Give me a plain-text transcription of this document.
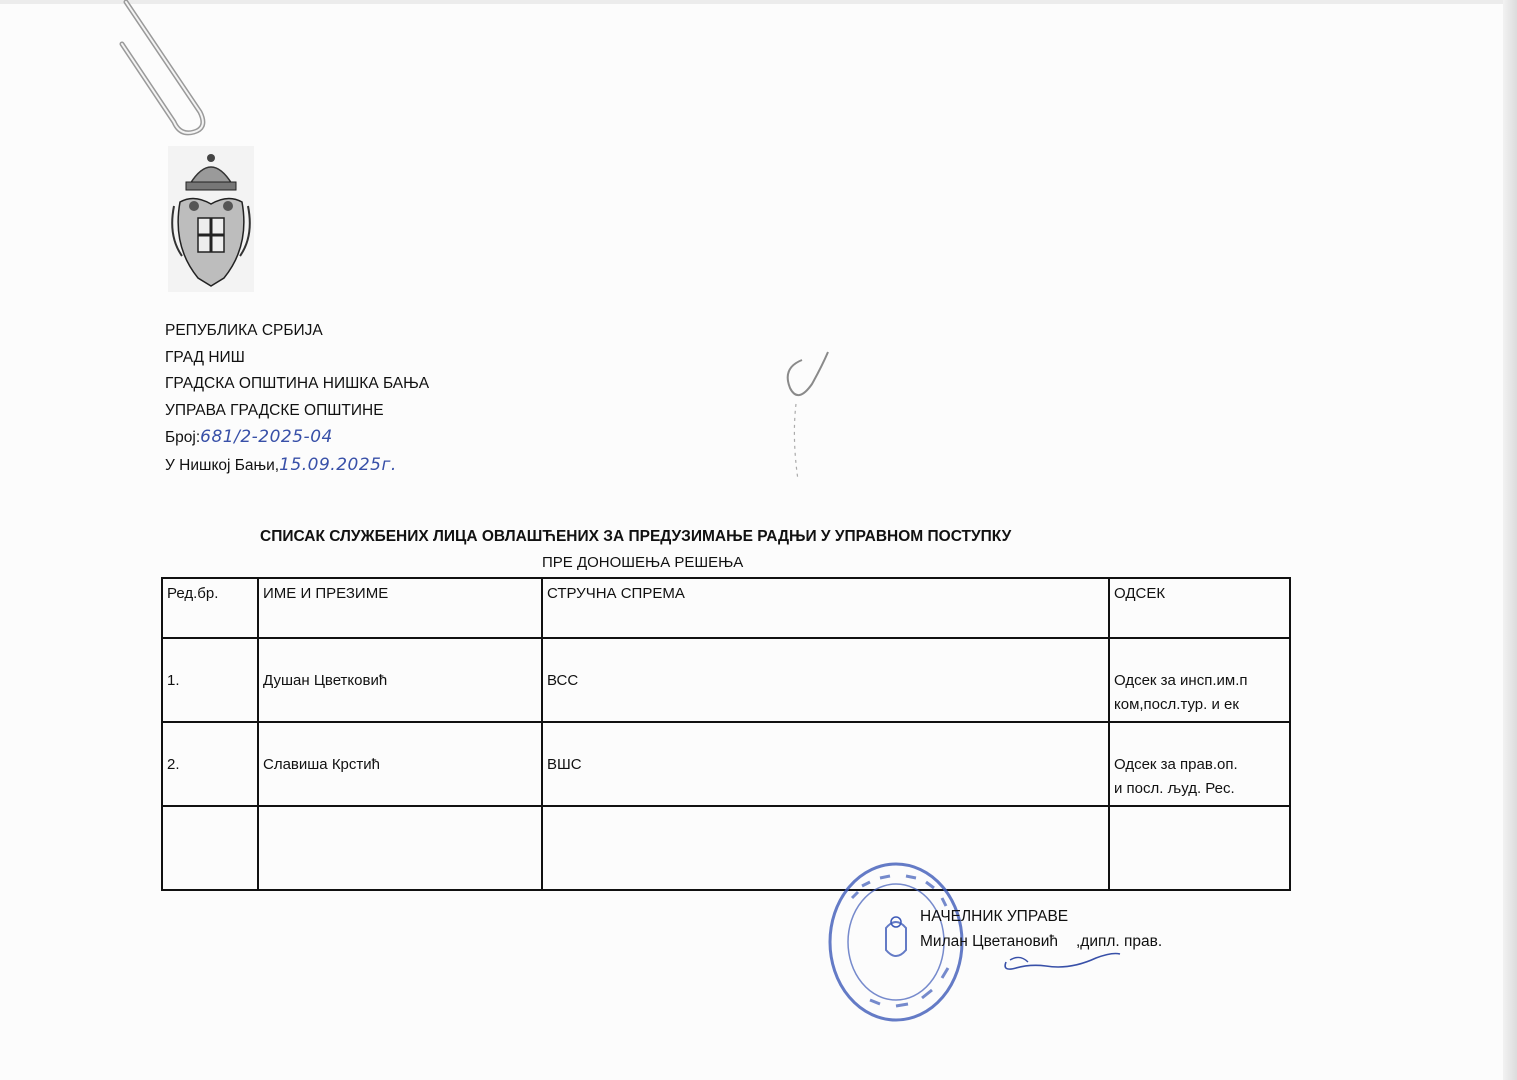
РЕПУБЛИКА СРБИЈА
ГРАД НИШ
ГРАДСКА ОПШТИНА НИШКА БАЊА
УПРАВА ГРАДСКЕ ОПШТИНЕ
Број:681/2-2025-04
У Нишкој Бањи,15.09.2025г.
СПИСАК СЛУЖБЕНИХ ЛИЦА ОВЛАШЋЕНИХ ЗА ПРЕДУЗИМАЊЕ РАДЊИ У УПРАВНОМ ПОСТУПКУ
ПРЕ ДОНОШЕЊА РЕШЕЊА
Ред.бр.	ИМЕ И ПРЕЗИМЕ	СТРУЧНА СПРЕМА	ОДСЕК
1.	Душан Цветковић	ВСС	Одсек за инсп.им.п
ком,посл.тур. и ек

2.	Славиша Крстић	ВШС	Одсек за прав.оп.
и посл. људ. Рес.

НАЧЕЛНИК УПРАВЕ
Милан Цветановић ,дипл. прав.
